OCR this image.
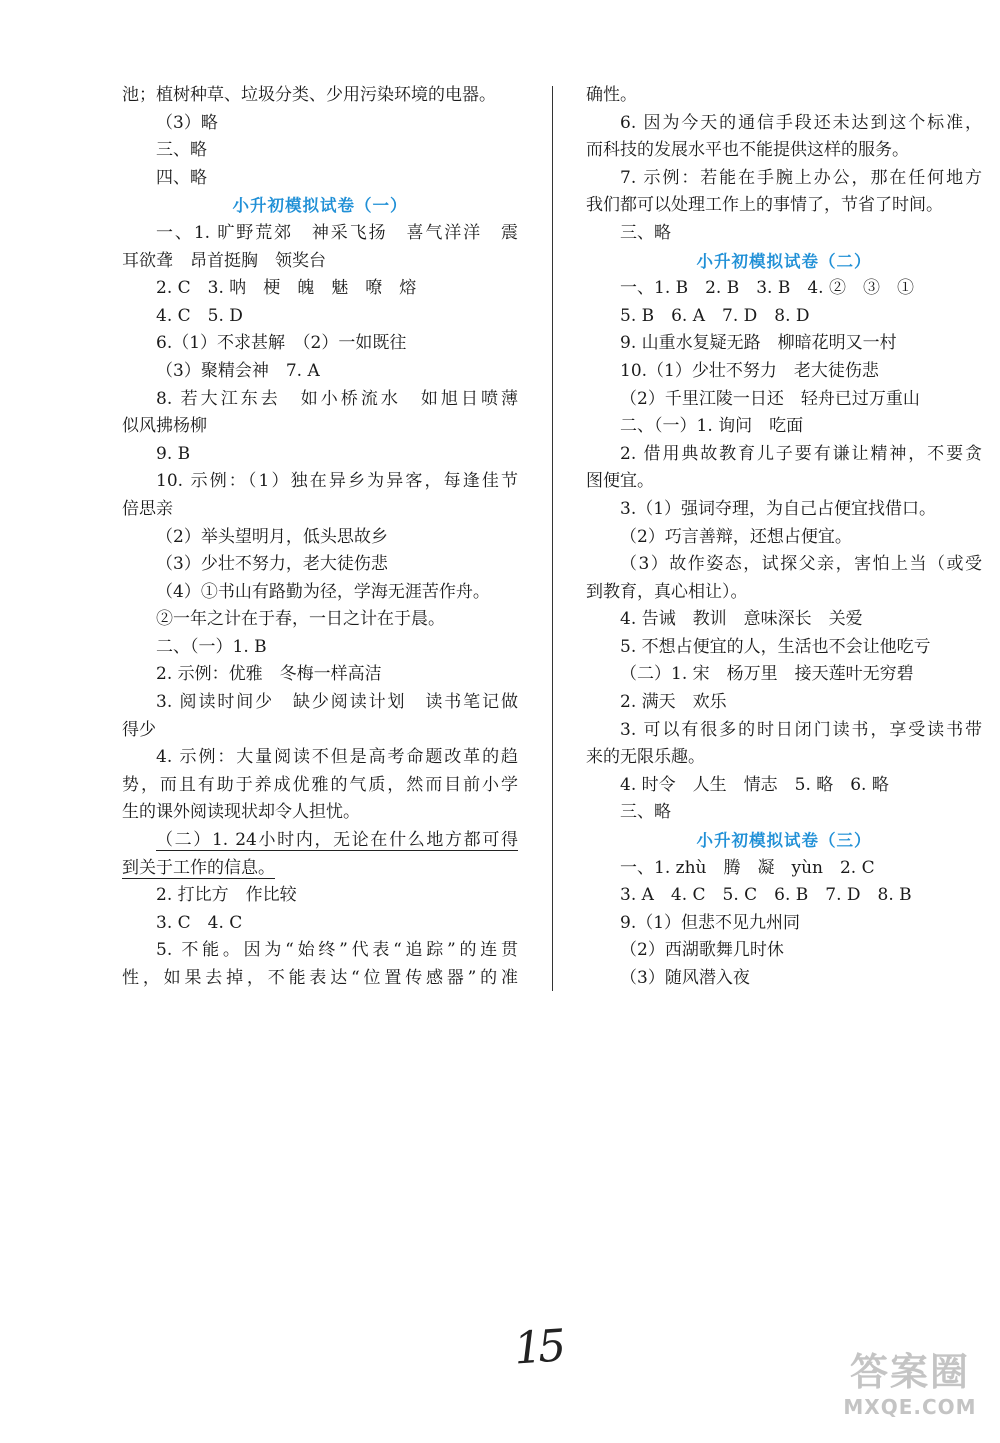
池；植树种草、垃圾分类、少用污染环境的电器。
（3）略
三、略
四、略
小升初模拟试卷（一）
一、1. 旷野荒郊　神采飞扬　喜气洋洋　震
耳欲聋　昂首挺胸　领奖台
2. C　3. 呐　梗　魄　魅　嘹　熔
4. C　5. D
6.（1）不求甚解　（2）一如既往
（3）聚精会神　7. A
8. 若大江东去　如小桥流水　如旭日喷薄
似风拂杨柳
9. B
10. 示例：（1）独在异乡为异客，每逢佳节
倍思亲
（2）举头望明月，低头思故乡
（3）少壮不努力，老大徒伤悲
（4）①书山有路勤为径，学海无涯苦作舟。
②一年之计在于春，一日之计在于晨。
二、（一）1. B
2. 示例：优雅　冬梅一样高洁
3. 阅读时间少　缺少阅读计划　读书笔记做
得少
4. 示例：大量阅读不但是高考命题改革的趋
势，而且有助于养成优雅的气质，然而目前小学
生的课外阅读现状却令人担忧。
（二）1. 24小时内，无论在什么地方都可得
到关于工作的信息。
2. 打比方　作比较
3. C　4. C
5. 不能。因为“始终”代表“追踪”的连贯
性，如果去掉，不能表达“位置传感器”的准
确性。
6. 因为今天的通信手段还未达到这个标准，
而科技的发展水平也不能提供这样的服务。
7. 示例：若能在手腕上办公，那在任何地方
我们都可以处理工作上的事情了，节省了时间。
三、略
小升初模拟试卷（二）
一、1. B　2. B　3. B　4. ②　③　①
5. B　6. A　7. D　8. D
9. 山重水复疑无路　柳暗花明又一村
10.（1）少壮不努力　老大徒伤悲
（2）千里江陵一日还　轻舟已过万重山
二、（一）1. 询问　吃面
2. 借用典故教育儿子要有谦让精神，不要贪
图便宜。
3.（1）强词夺理，为自己占便宜找借口。
（2）巧言善辩，还想占便宜。
（3）故作姿态，试探父亲，害怕上当（或受
到教育，真心相让）。
4. 告诫　教训　意味深长　关爱
5. 不想占便宜的人，生活也不会让他吃亏
（二）1. 宋　杨万里　接天莲叶无穷碧
2. 满天　欢乐
3. 可以有很多的时日闭门读书，享受读书带
来的无限乐趣。
4. 时令　人生　情志　5. 略　6. 略
三、略
小升初模拟试卷（三）
一、1. zhù　腾　凝　yùn　2. C
3. A　4. C　5. C　6. B　7. D　8. B
9.（1）但悲不见九州同
（2）西湖歌舞几时休
（3）随风潜入夜
15	答案圈
MXQE.COM
